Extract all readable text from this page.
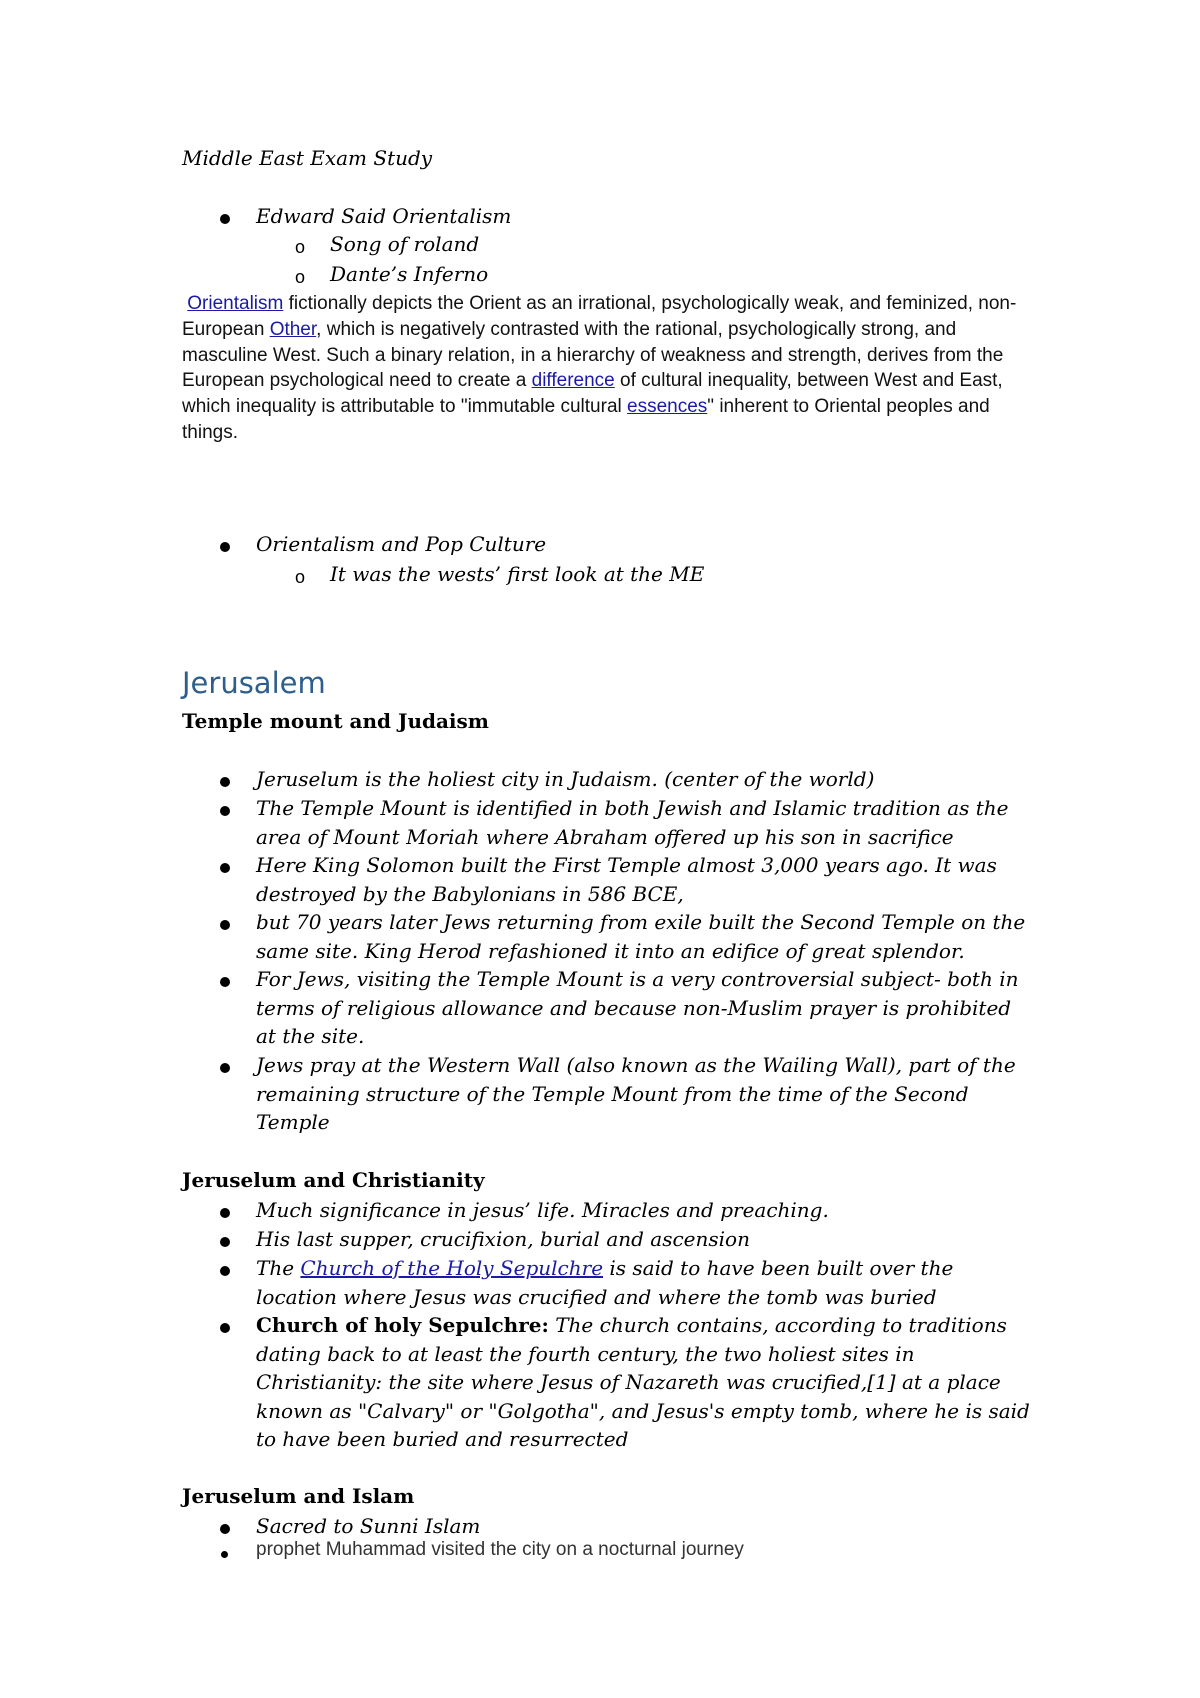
Middle East Exam Study
Edward Said Orientalism
o Song of roland
o Dante’s Inferno
Orientalism fictionally depicts the Orient as an irrational, psychologically weak, and feminized, non-European Other, which is negatively contrasted with the rational, psychologically strong, and masculine West. Such a binary relation, in a hierarchy of weakness and strength, derives from the European psychological need to create a difference of cultural inequality, between West and East, which inequality is attributable to "immutable cultural essences" inherent to Oriental peoples and things.
Orientalism and Pop Culture
o It was the wests’ first look at the ME
Jerusalem
Temple mount and Judaism
Jeruselum is the holiest city in Judaism. (center of the world)
The Temple Mount is identified in both Jewish and Islamic tradition as the area of Mount Moriah where Abraham offered up his son in sacrifice
Here King Solomon built the First Temple almost 3,000 years ago. It was destroyed by the Babylonians in 586 BCE,
but 70 years later Jews returning from exile built the Second Temple on the same site. King Herod refashioned it into an edifice of great splendor.
For Jews, visiting the Temple Mount is a very controversial subject- both in terms of religious allowance and because non-Muslim prayer is prohibited at the site.
Jews pray at the Western Wall (also known as the Wailing Wall), part of the remaining structure of the Temple Mount from the time of the Second Temple
Jeruselum and Christianity
Much significance in jesus’ life. Miracles and preaching.
His last supper, crucifixion, burial and ascension
The Church of the Holy Sepulchre is said to have been built over the location where Jesus was crucified and where the tomb was buried
Church of holy Sepulchre: The church contains, according to traditions dating back to at least the fourth century, the two holiest sites in Christianity: the site where Jesus of Nazareth was crucified,[1] at a place known as "Calvary" or "Golgotha", and Jesus's empty tomb, where he is said to have been buried and resurrected
Jeruselum and Islam
Sacred to Sunni Islam
prophet Muhammad visited the city on a nocturnal journey
